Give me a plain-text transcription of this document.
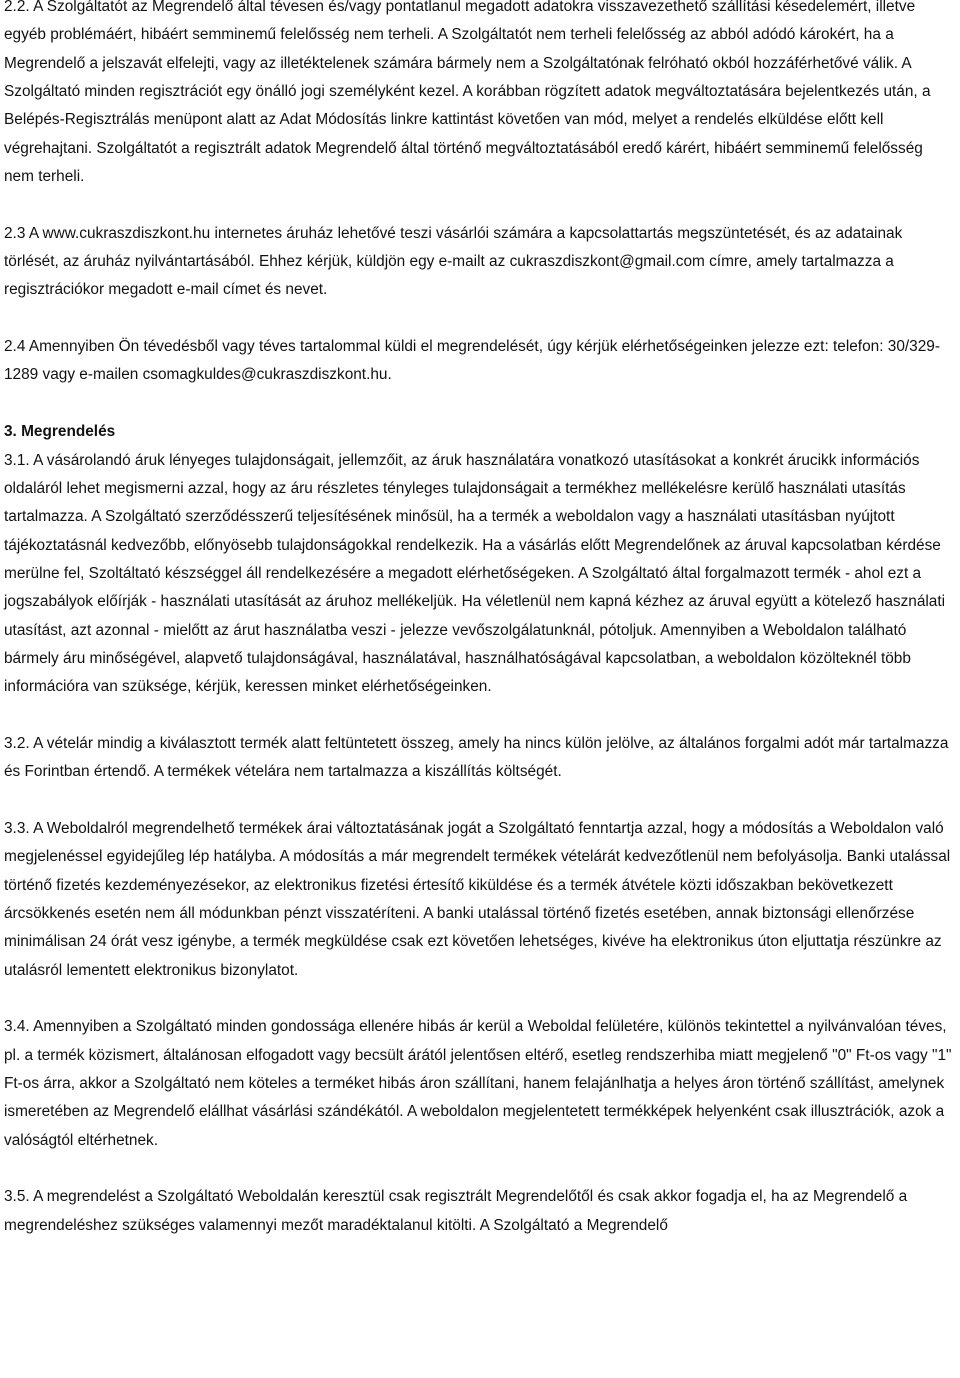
2.2. A Szolgáltatót az Megrendelő által tévesen és/vagy pontatlanul megadott adatokra visszavezethető szállítási késedelemért, illetve egyéb problémáért, hibáért semminemű felelősség nem terheli. A Szolgáltatót nem terheli felelősség az abból adódó károkért, ha a Megrendelő a jelszavát elfelejti, vagy az illetéktelenek számára bármely nem a Szolgáltatónak felróható okból hozzáférhetővé válik. A Szolgáltató minden regisztrációt egy önálló jogi személyként kezel. A korábban rögzített adatok megváltoztatására bejelentkezés után, a Belépés-Regisztrálás menüpont alatt az Adat Módosítás linkre kattintást követően van mód, melyet a rendelés elküldése előtt kell végrehajtani. Szolgáltatót a regisztrált adatok Megrendelő által történő megváltoztatásából eredő kárért, hibáért semminemű felelősség nem terheli.

2.3 A www.cukraszdiszkont.hu internetes áruház lehetővé teszi vásárlói számára a kapcsolattartás megszüntetését, és az adatainak törlését, az áruház nyilvántartásából. Ehhez kérjük, küldjön egy e-mailt az cukraszdiszkont@gmail.com címre, amely tartalmazza a regisztrációkor megadott e-mail címet és nevet.

2.4 Amennyiben Ön tévedésből vagy téves tartalommal küldi el megrendelését, úgy kérjük elérhetőségeinken jelezze ezt: telefon: 30/329-1289 vagy e-mailen csomagkuldes@cukraszdiszkont.hu.

3. Megrendelés

3.1. A vásárolandó áruk lényeges tulajdonságait, jellemzőit, az áruk használatára vonatkozó utasításokat a konkrét árucikk információs oldaláról lehet megismerni azzal, hogy az áru részletes tényleges tulajdonságait a termékhez mellékelésre kerülő használati utasítás tartalmazza. A Szolgáltató szerződésszerű teljesítésének minősül, ha a termék a weboldalon vagy a használati utasításban nyújtott tájékoztatásnál kedvezőbb, előnyösebb tulajdonságokkal rendelkezik. Ha a vásárlás előtt Megrendelőnek az áruval kapcsolatban kérdése merülne fel, Szoltáltató készséggel áll rendelkezésére a megadott elérhetőségeken. A Szolgáltató által forgalmazott termék - ahol ezt a jogszabályok előírják - használati utasítását az áruhoz mellékeljük. Ha véletlenül nem kapná kézhez az áruval együtt a kötelező használati utasítást, azt azonnal - mielőtt az árut használatba veszi - jelezze vevőszolgálatunknál, pótoljuk. Amennyiben a Weboldalon található bármely áru minőségével, alapvető tulajdonságával, használatával, használhatóságával kapcsolatban, a weboldalon közölteknél több információra van szüksége, kérjük, keressen minket elérhetőségeinken.

3.2. A vételár mindig a kiválasztott termék alatt feltüntetett összeg, amely ha nincs külön jelölve, az általános forgalmi adót már tartalmazza és Forintban értendő. A termékek vételára nem tartalmazza a kiszállítás költségét.

3.3. A Weboldalról megrendelhető termékek árai változtatásának jogát a Szolgáltató fenntartja azzal, hogy a módosítás a Weboldalon való megjelenéssel egyidejűleg lép hatályba. A módosítás a már megrendelt termékek vételárát kedvezőtlenül nem befolyásolja. Banki utalással történő fizetés kezdeményezésekor, az elektronikus fizetési értesítő kiküldése és a termék átvétele közti időszakban bekövetkezett árcsökkenés esetén nem áll módunkban pénzt visszatéríteni. A banki utalással történő fizetés esetében, annak biztonsági ellenőrzése minimálisan 24 órát vesz igénybe, a termék megküldése csak ezt követően lehetséges, kivéve ha elektronikus úton eljuttatja részünkre az utalásról lementett elektronikus bizonylatot.

3.4. Amennyiben a Szolgáltató minden gondossága ellenére hibás ár kerül a Weboldal felületére, különös tekintettel a nyilvánvalóan téves, pl. a termék közismert, általánosan elfogadott vagy becsült árától jelentősen eltérő, esetleg rendszerhiba miatt megjelenő "0" Ft-os vagy "1" Ft-os árra, akkor a Szolgáltató nem köteles a terméket hibás áron szállítani, hanem felajánlhatja a helyes áron történő szállítást, amelynek ismeretében az Megrendelő elállhat vásárlási szándékától. A weboldalon megjelentetett termékképek helyenként csak illusztrációk, azok a valóságtól eltérhetnek.

3.5. A megrendelést a Szolgáltató Weboldalán keresztül csak regisztrált Megrendelőtől és csak akkor fogadja el, ha az Megrendelő a megrendeléshez szükséges valamennyi mezőt maradéktalanul kitölti. A Szolgáltató a Megrendelő
